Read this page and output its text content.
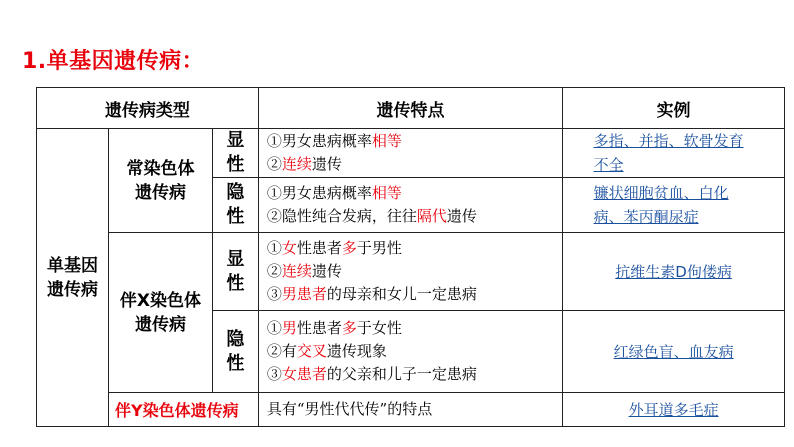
1.单基因遗传病：
遗传病类型			遗传特点	实例
单基因遗传病	常染色体遗传病	显性	①男女患病概率相等
②连续遗传	多指、并指、软骨发育不全
		隐性	①男女患病概率相等
②隐性纯合发病，往往隔代遗传	镰状细胞贫血、白化病、苯丙酮尿症
	伴X染色体遗传病	显性	①女性患者多于男性
②连续遗传
③男患者的母亲和女儿一定患病	抗维生素D佝偻病
		隐性	①男性患者多于女性
②有交叉遗传现象
③女患者的父亲和儿子一定患病	红绿色盲、血友病
	伴Y染色体遗传病		具有“男性代代传”的特点	外耳道多毛症
